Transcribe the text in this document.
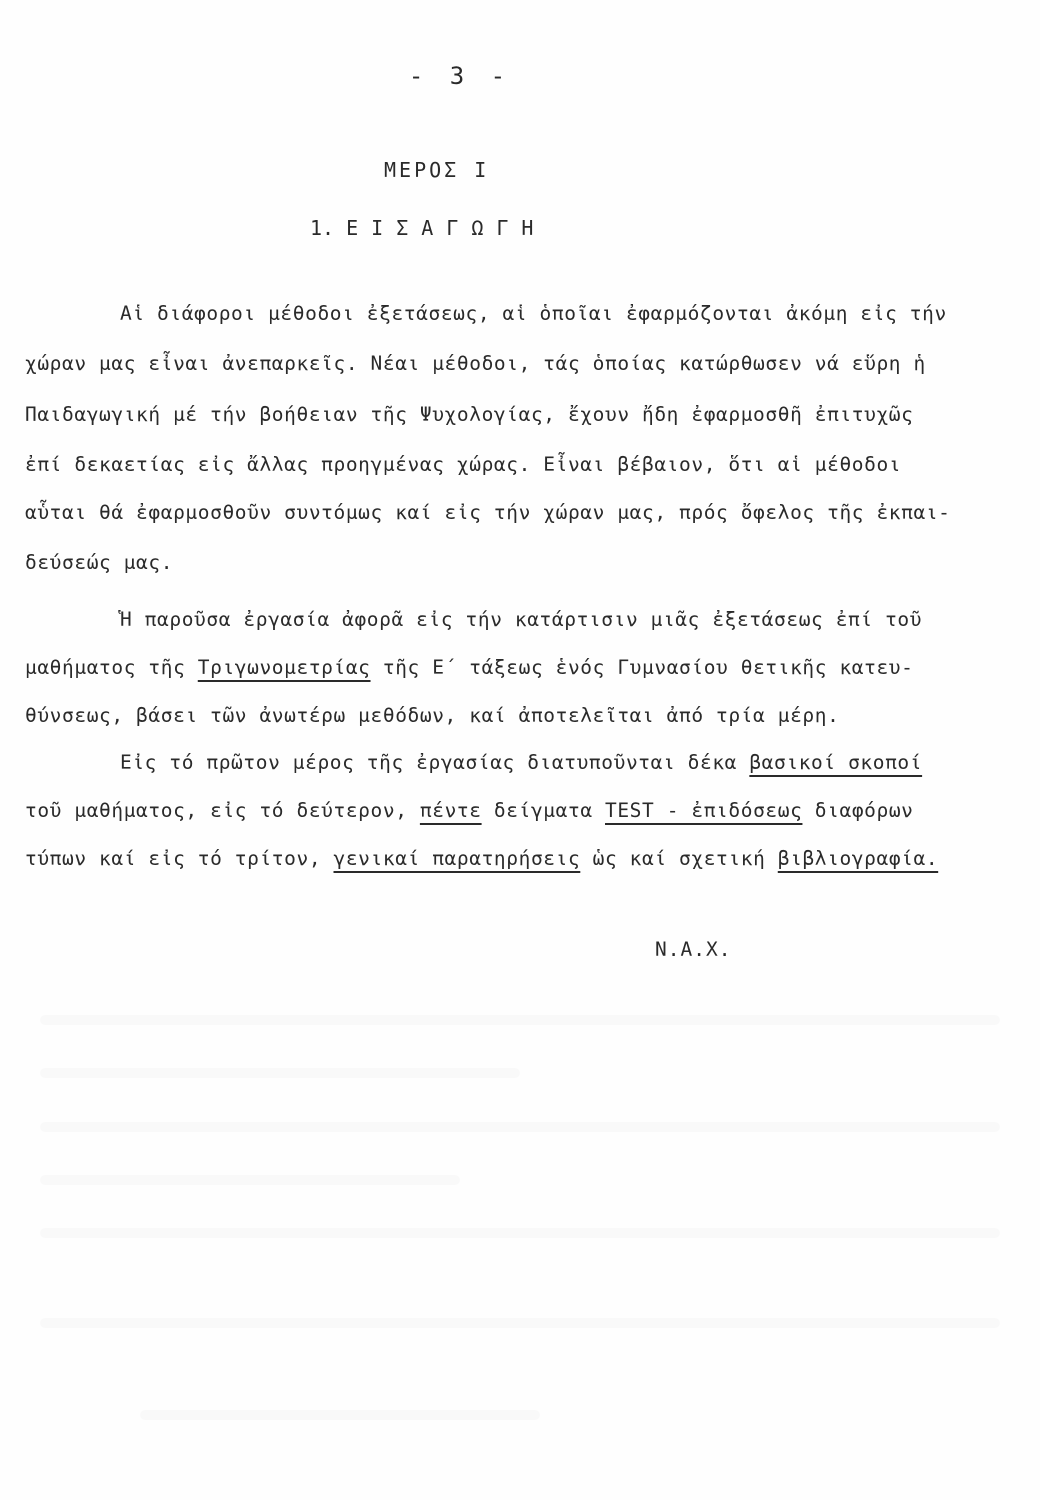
- 3 -
ΜΕΡΟΣ Ι
1. ΕΙΣΑΓΩΓΗ
Αἱ διάφοροι μέθοδοι ἐξετάσεως, αἱ ὁποῖαι ἐφαρμόζονται ἀκόμη εἰς τήν
χώραν μας εἶναι ἀνεπαρκεῖς. Νέαι μέθοδοι, τάς ὁποίας κατώρθωσεν νά εὕρη ἡ
Παιδαγωγική μέ τήν βοήθειαν τῆς Ψυχολογίας, ἔχουν ἤδη ἐφαρμοσθῆ ἐπιτυχῶς
ἐπί δεκαετίας εἰς ἄλλας προηγμένας χώρας. Εἶναι βέβαιον, ὅτι αἱ μέθοδοι
αὗται θά ἐφαρμοσθοῦν συντόμως καί εἰς τήν χώραν μας, πρός ὄφελος τῆς ἐκπαι-
δεύσεώς μας.
Ἡ παροῦσα ἐργασία ἀφορᾶ εἰς τήν κατάρτισιν μιᾶς ἐξετάσεως ἐπί τοῦ
μαθήματος τῆς Τριγωνομετρίας τῆς Ε΄ τάξεως ἑνός Γυμνασίου θετικῆς κατευ-
θύνσεως, βάσει τῶν ἀνωτέρω μεθόδων, καί ἀποτελεῖται ἀπό τρία μέρη.
Εἰς τό πρῶτον μέρος τῆς ἐργασίας διατυποῦνται δέκα βασικοί σκοποί
τοῦ μαθήματος, εἰς τό δεύτερον, πέντε δείγματα TEST - ἐπιδόσεως διαφόρων
τύπων καί εἰς τό τρίτον, γενικαί παρατηρήσεις ὡς καί σχετική βιβλιογραφία.
Ν.Α.Χ.
